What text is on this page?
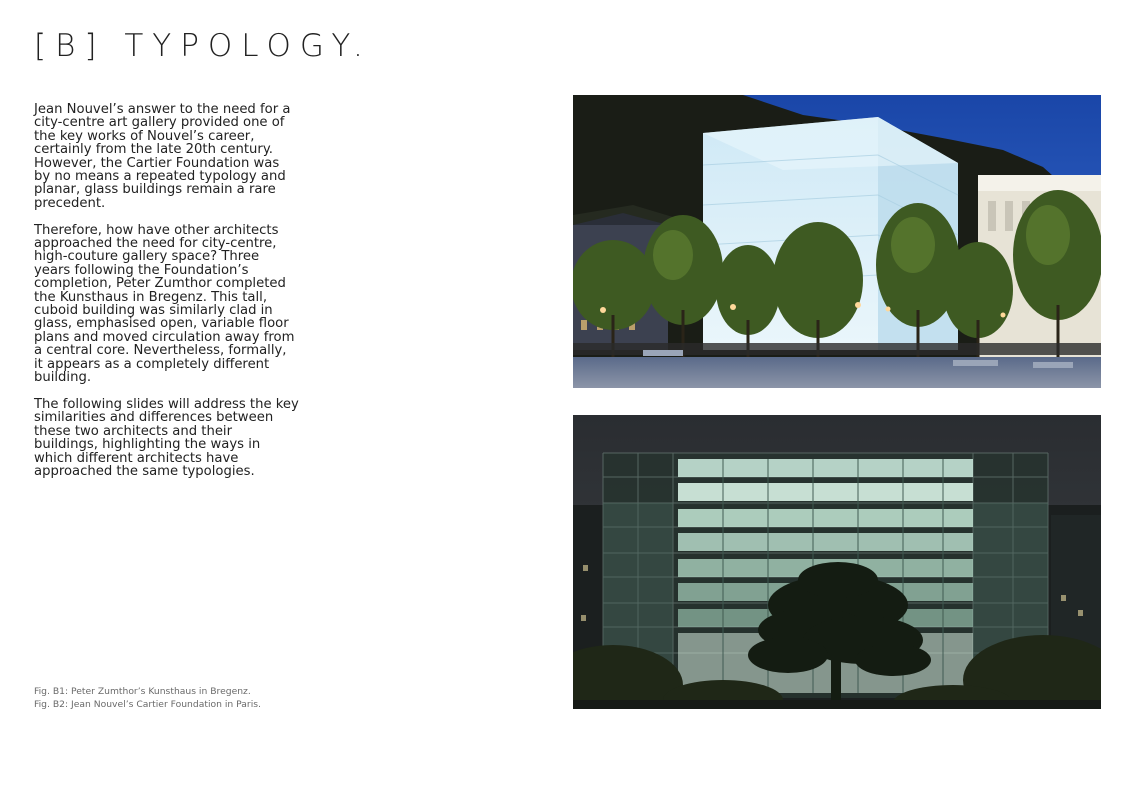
[B] TYPOLOGY.

Jean Nouvel’s answer to the need for a city-centre art gallery provided one of the key works of Nouvel’s career, certainly from the late 20th century. However, the Cartier Foundation was by no means a repeated typology and planar, glass buildings remain a rare precedent.

Therefore, how have other architects approached the need for city-centre, high-couture gallery space? Three years following the Foundation’s completion, Peter Zumthor completed the Kunsthaus in Bregenz. This tall, cuboid building was similarly clad in glass, emphasised open, variable floor plans and moved circulation away from a central core. Nevertheless, formally, it appears as a completely different building.

The following slides will address the key similarities and differences between these two architects and their buildings, highlighting the ways in which different architects have approached the same typologies.

Fig. B1: Peter Zumthor’s Kunsthaus in Bregenz.
Fig. B2: Jean Nouvel’s Cartier Foundation in Paris.
